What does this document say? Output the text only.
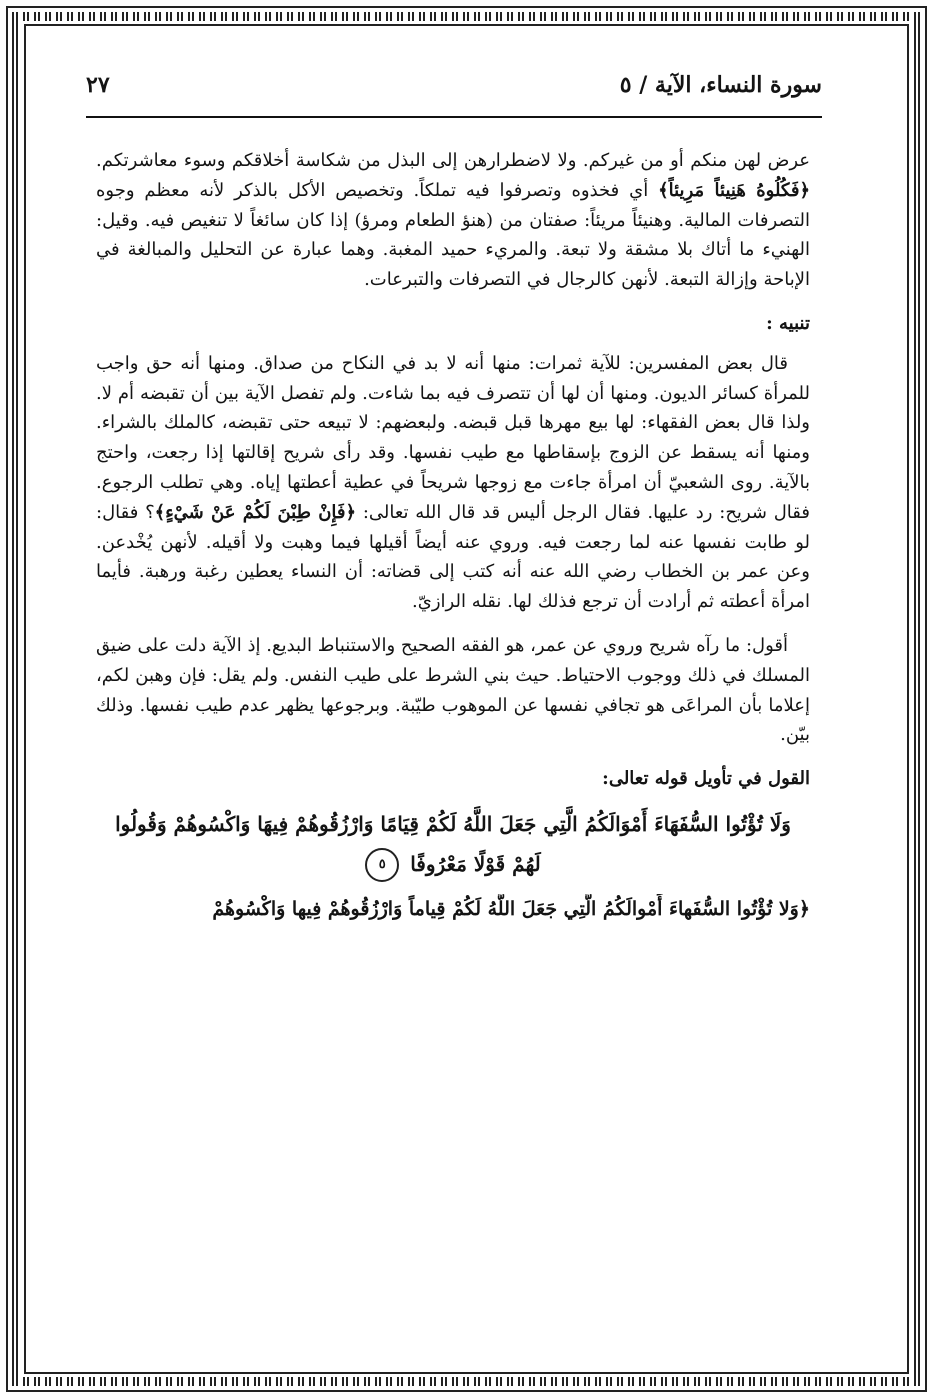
سورة النساء، الآية / ٥
٢٧

عرض لهن منكم أو من غيركم. ولا لاضطرارهن إلى البذل من شكاسة أخلاقكم وسوء معاشرتكم. ﴿فَكُلُوهُ هَنِيئاً مَرِيئاً﴾ أي فخذوه وتصرفوا فيه تملكاً. وتخصيص الأكل بالذكر لأنه معظم وجوه التصرفات المالية. وهنيئاً مريئاً: صفتان من (هنؤ الطعام ومرؤ) إذا كان سائغاً لا تنغيص فيه. وقيل: الهنيء ما أتاك بلا مشقة ولا تبعة. والمريء حميد المغبة. وهما عبارة عن التحليل والمبالغة في الإباحة وإزالة التبعة. لأنهن كالرجال في التصرفات والتبرعات.

تنبيه :

قال بعض المفسرين: للآية ثمرات: منها أنه لا بد في النكاح من صداق. ومنها أنه حق واجب للمرأة كسائر الديون. ومنها أن لها أن تتصرف فيه بما شاءت. ولم تفصل الآية بين أن تقبضه أم لا. ولذا قال بعض الفقهاء: لها بيع مهرها قبل قبضه. ولبعضهم: لا تبيعه حتى تقبضه، كالملك بالشراء. ومنها أنه يسقط عن الزوج بإسقاطها مع طيب نفسها. وقد رأى شريح إقالتها إذا رجعت، واحتج بالآية. روى الشعبيّ أن امرأة جاءت مع زوجها شريحاً في عطية أعطتها إياه. وهي تطلب الرجوع. فقال شريح: رد عليها. فقال الرجل أليس قد قال الله تعالى: ﴿فَإِنْ طِبْنَ لَكُمْ عَنْ شَيْءٍ﴾؟ فقال: لو طابت نفسها عنه لما رجعت فيه. وروي عنه أيضاً أقيلها فيما وهبت ولا أقيله. لأنهن يُخْدعن. وعن عمر بن الخطاب رضي الله عنه أنه كتب إلى قضاته: أن النساء يعطين رغبة ورهبة. فأيما امرأة أعطته ثم أرادت أن ترجع فذلك لها. نقله الرازيّ.

أقول: ما رآه شريح وروي عن عمر، هو الفقه الصحيح والاستنباط البديع. إذ الآية دلت على ضيق المسلك في ذلك ووجوب الاحتياط. حيث بني الشرط على طيب النفس. ولم يقل: فإن وهبن لكم، إعلاما بأن المراعَى هو تجافي نفسها عن الموهوب طيّبة. وبرجوعها يظهر عدم طيب نفسها. وذلك بيّن.

القول في تأويل قوله تعالى:

وَلَا تُؤْتُوا السُّفَهَاءَ أَمْوَالَكُمُ الَّتِي جَعَلَ اللَّهُ لَكُمْ قِيَامًا وَارْزُقُوهُمْ فِيهَا وَاكْسُوهُمْ وَقُولُوا
لَهُمْ قَوْلًا مَعْرُوفًا ٥
﴿وَلا تُؤْتُوا السُّفَهاءَ أَمْوالَكُمُ الَّتِي جَعَلَ اللَّهُ لَكُمْ قِياماً وَارْزُقُوهُمْ فِيها وَاكْسُوهُمْ
